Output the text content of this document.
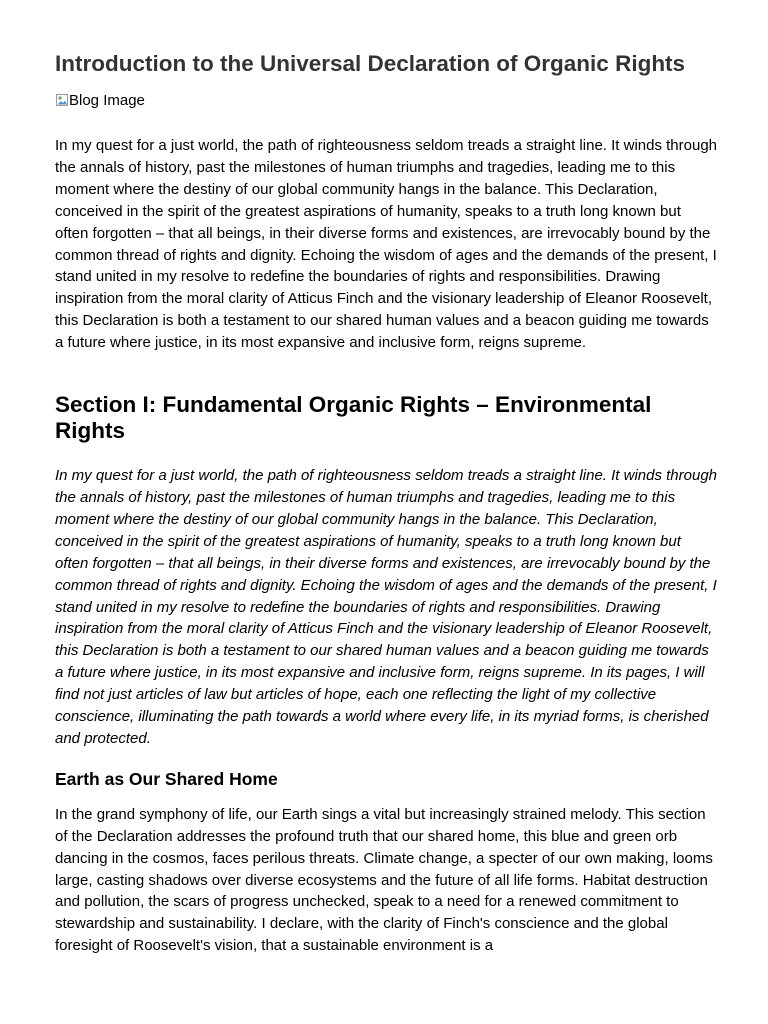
Introduction to the Universal Declaration of Organic Rights
Blog Image

In my quest for a just world, the path of righteousness seldom treads a straight line. It winds through the annals of history, past the milestones of human triumphs and tragedies, leading me to this moment where the destiny of our global community hangs in the balance. This Declaration, conceived in the spirit of the greatest aspirations of humanity, speaks to a truth long known but often forgotten – that all beings, in their diverse forms and existences, are irrevocably bound by the common thread of rights and dignity. Echoing the wisdom of ages and the demands of the present, I stand united in my resolve to redefine the boundaries of rights and responsibilities. Drawing inspiration from the moral clarity of Atticus Finch and the visionary leadership of Eleanor Roosevelt, this Declaration is both a testament to our shared human values and a beacon guiding me towards a future where justice, in its most expansive and inclusive form, reigns supreme.

Section I: Fundamental Organic Rights – Environmental Rights

In my quest for a just world, the path of righteousness seldom treads a straight line. It winds through the annals of history, past the milestones of human triumphs and tragedies, leading me to this moment where the destiny of our global community hangs in the balance. This Declaration, conceived in the spirit of the greatest aspirations of humanity, speaks to a truth long known but often forgotten – that all beings, in their diverse forms and existences, are irrevocably bound by the common thread of rights and dignity. Echoing the wisdom of ages and the demands of the present, I stand united in my resolve to redefine the boundaries of rights and responsibilities. Drawing inspiration from the moral clarity of Atticus Finch and the visionary leadership of Eleanor Roosevelt, this Declaration is both a testament to our shared human values and a beacon guiding me towards a future where justice, in its most expansive and inclusive form, reigns supreme. In its pages, I will find not just articles of law but articles of hope, each one reflecting the light of my collective conscience, illuminating the path towards a world where every life, in its myriad forms, is cherished and protected.

Earth as Our Shared Home

In the grand symphony of life, our Earth sings a vital but increasingly strained melody. This section of the Declaration addresses the profound truth that our shared home, this blue and green orb dancing in the cosmos, faces perilous threats. Climate change, a specter of our own making, looms large, casting shadows over diverse ecosystems and the future of all life forms. Habitat destruction and pollution, the scars of progress unchecked, speak to a need for a renewed commitment to stewardship and sustainability. I declare, with the clarity of Finch's conscience and the global foresight of Roosevelt's vision, that a sustainable environment is a
